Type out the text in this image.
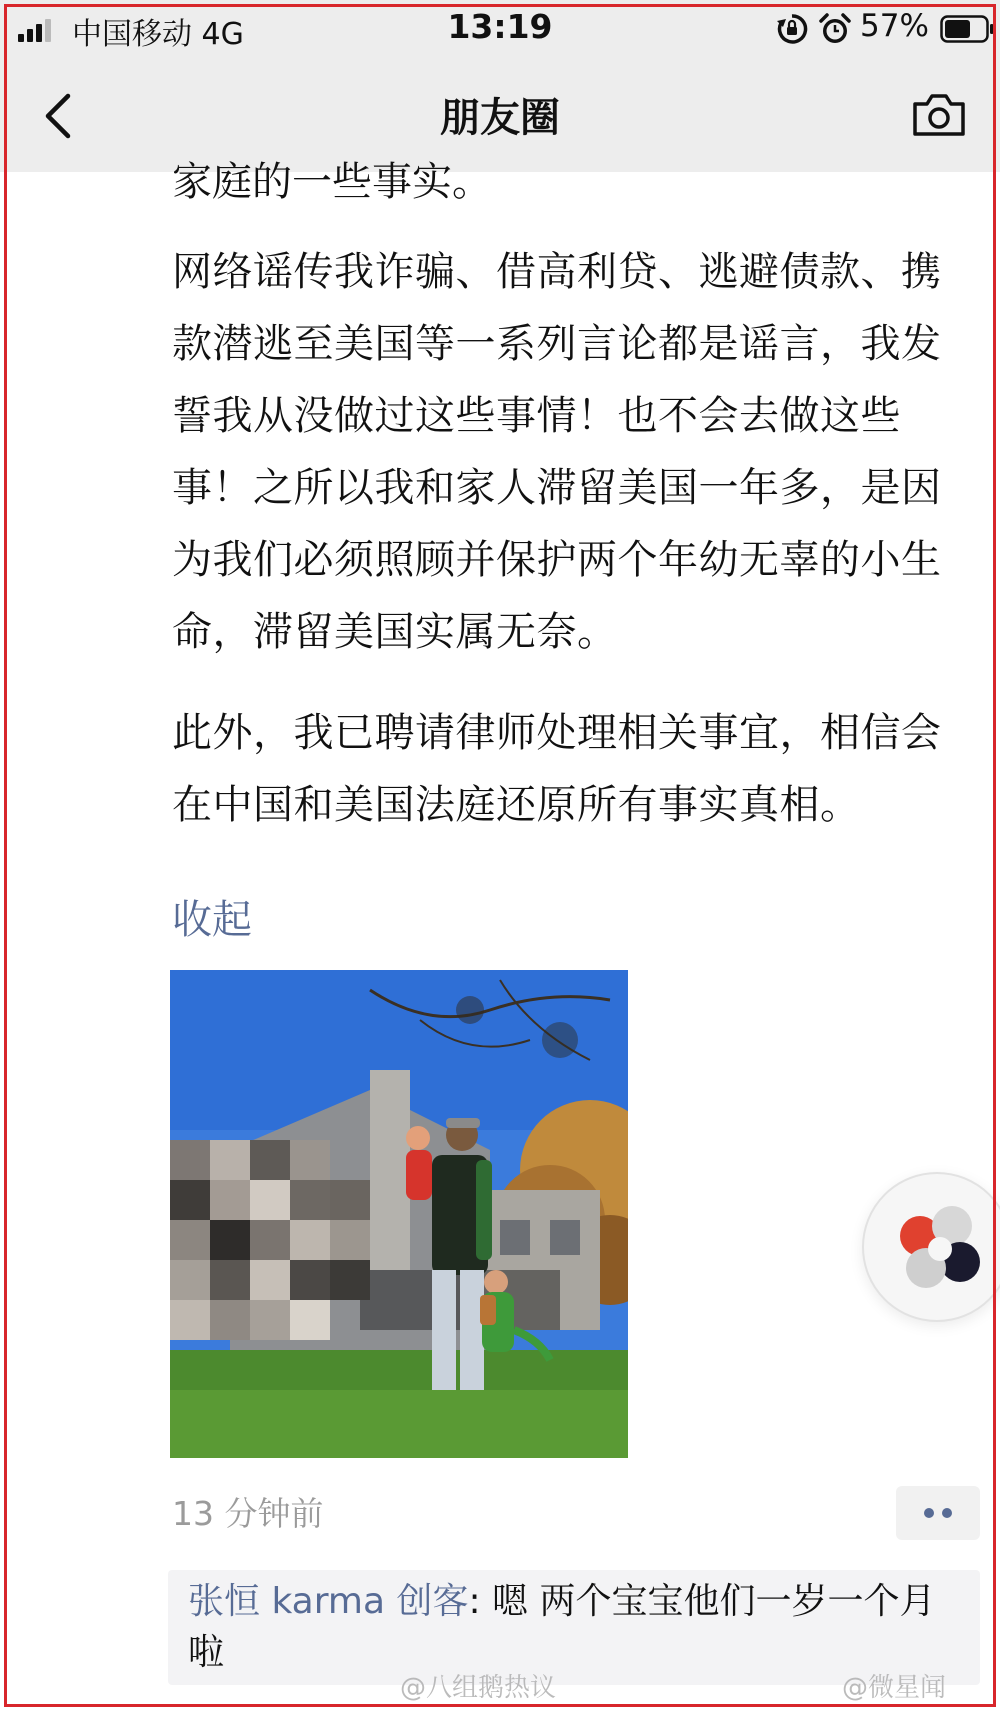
中国移动 4G	13:19	57%
朋友圈
家庭的一些事实。
网络谣传我诈骗、借高利贷、逃避债款、携款潜逃至美国等一系列言论都是谣言，我发誓我从没做过这些事情！也不会去做这些事！之所以我和家人滞留美国一年多，是因为我们必须照顾并保护两个年幼无辜的小生命，滞留美国实属无奈。
此外，我已聘请律师处理相关事宜，相信会在中国和美国法庭还原所有事实真相。
收起
13 分钟前
张恒 karma 创客: 嗯 两个宝宝他们一岁一个月啦
@八组鹅热议	@微星闻
